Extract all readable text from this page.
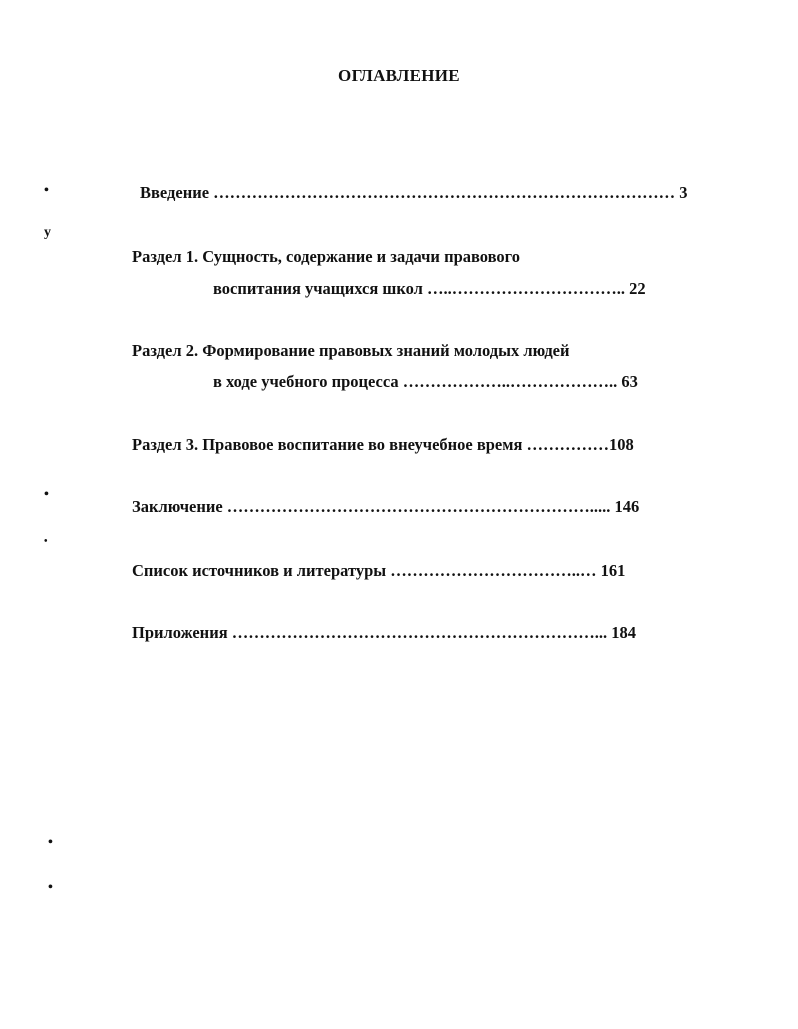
ОГЛАВЛЕНИЕ
Введение ………………………………………………………………………… 3
Раздел 1. Сущность, содержание и задачи правового
воспитания учащихся школ …..………………………….. 22
Раздел 2. Формирование правовых знаний молодых людей
в ходе учебного процесса ………………..……………….. 63
Раздел 3. Правовое воспитание во внеучебное время ……………108
Заключение …………………………………………………………..... 146
Список источников и литературы ……………………………..… 161
Приложения …………………………………………………………... 184
•
у
•
•
•
•
